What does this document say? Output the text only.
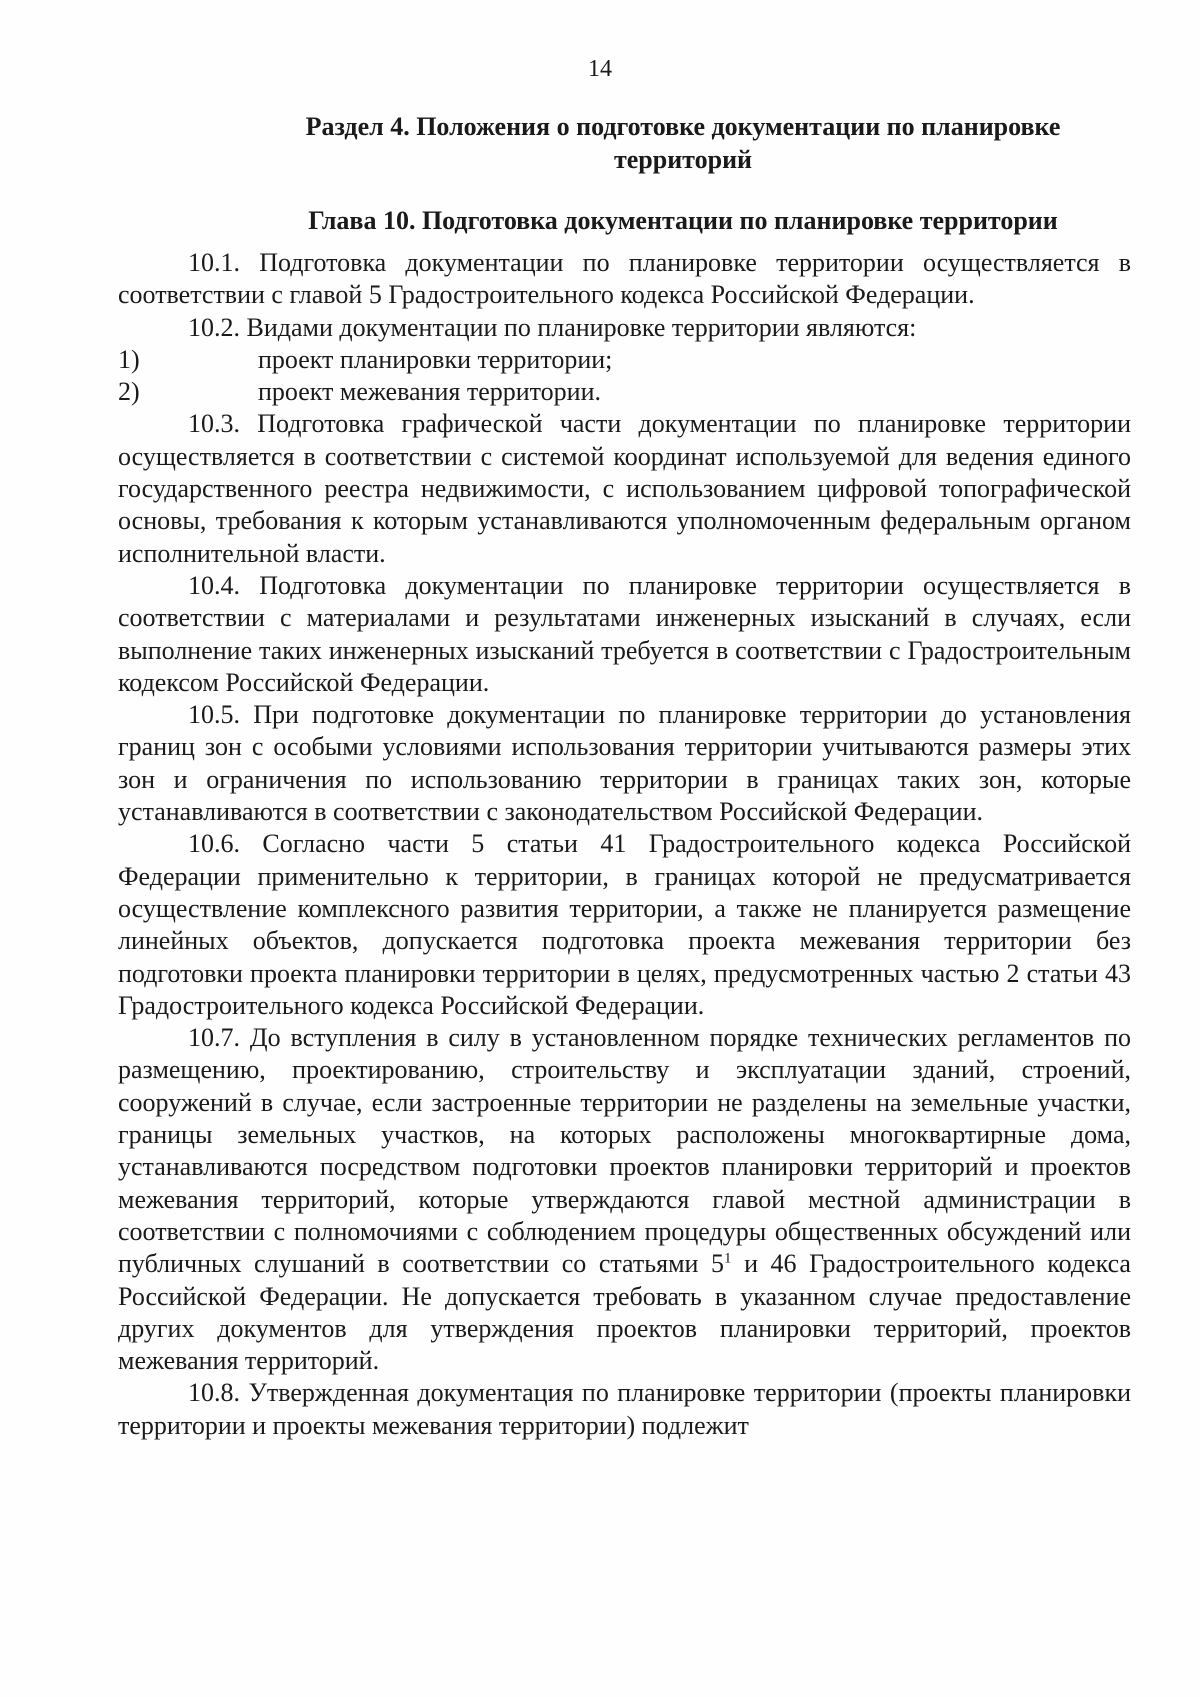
14
Раздел 4. Положения о подготовке документации по планировке территорий
Глава 10. Подготовка документации по планировке территории

10.1. Подготовка документации по планировке территории осуществляется в соответствии с главой 5 Градостроительного кодекса Российской Федерации.

10.2. Видами документации по планировке территории являются:

1)	проект планировки территории;
2)	проект межевания территории.

10.3. Подготовка графической части документации по планировке территории осуществляется в соответствии с системой координат используемой для ведения единого государственного реестра недвижимости, с использованием цифровой топографической основы, требования к которым устанавливаются уполномоченным федеральным органом исполнительной власти.

10.4. Подготовка документации по планировке территории осуществляется в соответствии с материалами и результатами инженерных изысканий в случаях, если выполнение таких инженерных изысканий требуется в соответствии с Градостроительным кодексом Российской Федерации.

10.5. При подготовке документации по планировке территории до установления границ зон с особыми условиями использования территории учитываются размеры этих зон и ограничения по использованию территории в границах таких зон, которые устанавливаются в соответствии с законодательством Российской Федерации.

10.6. Согласно части 5 статьи 41 Градостроительного кодекса Российской Федерации применительно к территории, в границах которой не предусматривается осуществление комплексного развития территории, а также не планируется размещение линейных объектов, допускается подготовка проекта межевания территории без подготовки проекта планировки территории в целях, предусмотренных частью 2 статьи 43 Градостроительного кодекса Российской Федерации.

10.7. До вступления в силу в установленном порядке технических регламентов по размещению, проектированию, строительству и эксплуатации зданий, строений, сооружений в случае, если застроенные территории не разделены на земельные участки, границы земельных участков, на которых расположены многоквартирные дома, устанавливаются посредством подготовки проектов планировки территорий и проектов межевания территорий, которые утверждаются главой местной администрации в соответствии с полномочиями с соблюдением процедуры общественных обсуждений или публичных слушаний в соответствии со статьями $5^1$ и 46 Градостроительного кодекса Российской Федерации. Не допускается требовать в указанном случае предоставление других документов для утверждения проектов планировки территорий, проектов межевания территорий.

10.8. Утвержденная документация по планировке территории (проекты планировки территории и проекты межевания территории) подлежит
